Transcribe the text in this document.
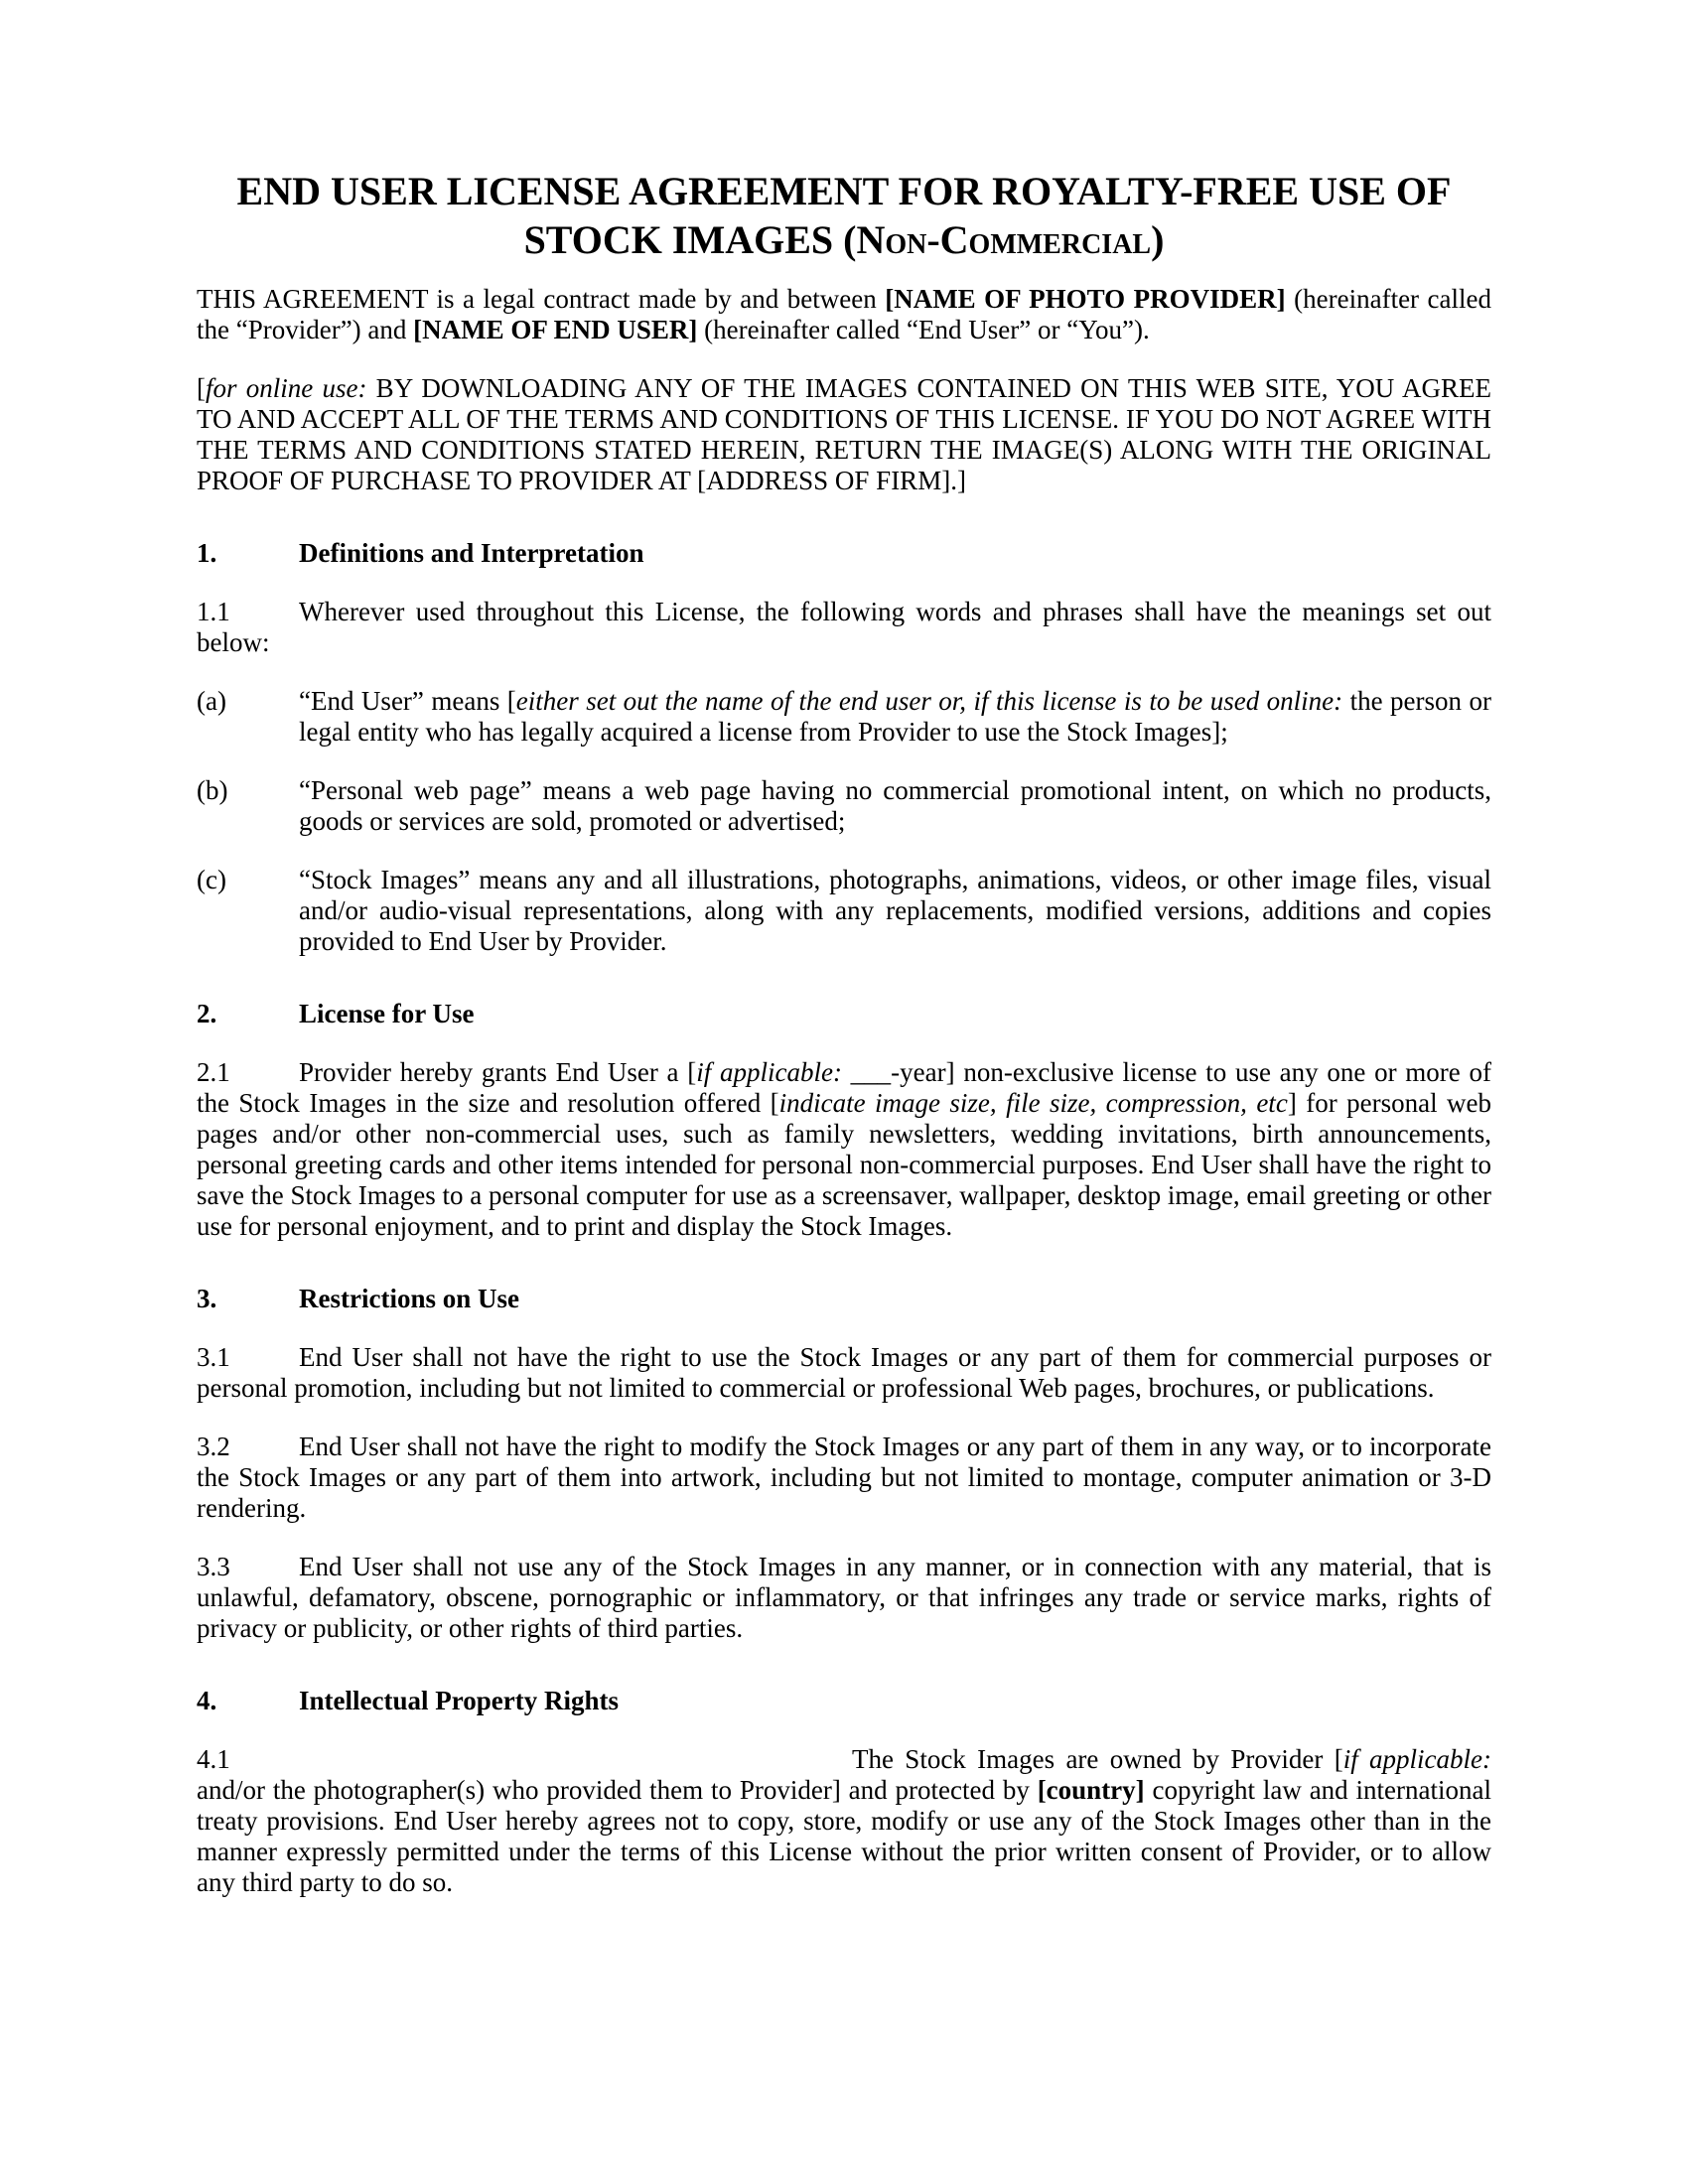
END USER LICENSE AGREEMENT FOR ROYALTY-FREE USE OF
STOCK IMAGES (Non-Commercial)

THIS AGREEMENT is a legal contract made by and between [NAME OF PHOTO PROVIDER] (hereinafter called the “Provider”) and [NAME OF END USER] (hereinafter called “End User” or “You”).

[for online use: BY DOWNLOADING ANY OF THE IMAGES CONTAINED ON THIS WEB SITE, YOU AGREE TO AND ACCEPT ALL OF THE TERMS AND CONDITIONS OF THIS LICENSE. IF YOU DO NOT AGREE WITH THE TERMS AND CONDITIONS STATED HEREIN, RETURN THE IMAGE(S) ALONG WITH THE ORIGINAL PROOF OF PURCHASE TO PROVIDER AT [ADDRESS OF FIRM].]

1.	Definitions and Interpretation

1.1	Wherever used throughout this License, the following words and phrases shall have the meanings set out below:

(a)	“End User” means [either set out the name of the end user or, if this license is to be used online: the person or legal entity who has legally acquired a license from Provider to use the Stock Images];

(b)	“Personal web page” means a web page having no commercial promotional intent, on which no products, goods or services are sold, promoted or advertised;

(c)	“Stock Images” means any and all illustrations, photographs, animations, videos, or other image files, visual and/or audio-visual representations, along with any replacements, modified versions, additions and copies provided to End User by Provider.

2.	License for Use

2.1	Provider hereby grants End User a [if applicable: ___-year] non-exclusive license to use any one or more of the Stock Images in the size and resolution offered [indicate image size, file size, compression, etc] for personal web pages and/or other non-commercial uses, such as family newsletters, wedding invitations, birth announcements, personal greeting cards and other items intended for personal non-commercial purposes. End User shall have the right to save the Stock Images to a personal computer for use as a screensaver, wallpaper, desktop image, email greeting or other use for personal enjoyment, and to print and display the Stock Images.

3.	Restrictions on Use

3.1	End User shall not have the right to use the Stock Images or any part of them for commercial purposes or personal promotion, including but not limited to commercial or professional Web pages, brochures, or publications.

3.2	End User shall not have the right to modify the Stock Images or any part of them in any way, or to incorporate the Stock Images or any part of them into artwork, including but not limited to montage, computer animation or 3-D rendering.

3.3	End User shall not use any of the Stock Images in any manner, or in connection with any material, that is unlawful, defamatory, obscene, pornographic or inflammatory, or that infringes any trade or service marks, rights of privacy or publicity, or other rights of third parties.

4.	Intellectual Property Rights

4.1	The Stock Images are owned by Provider [if applicable: and/or the photographer(s) who provided them to Provider] and protected by [country] copyright law and international treaty provisions. End User hereby agrees not to copy, store, modify or use any of the Stock Images other than in the manner expressly permitted under the terms of this License without the prior written consent of Provider, or to allow any third party to do so.
